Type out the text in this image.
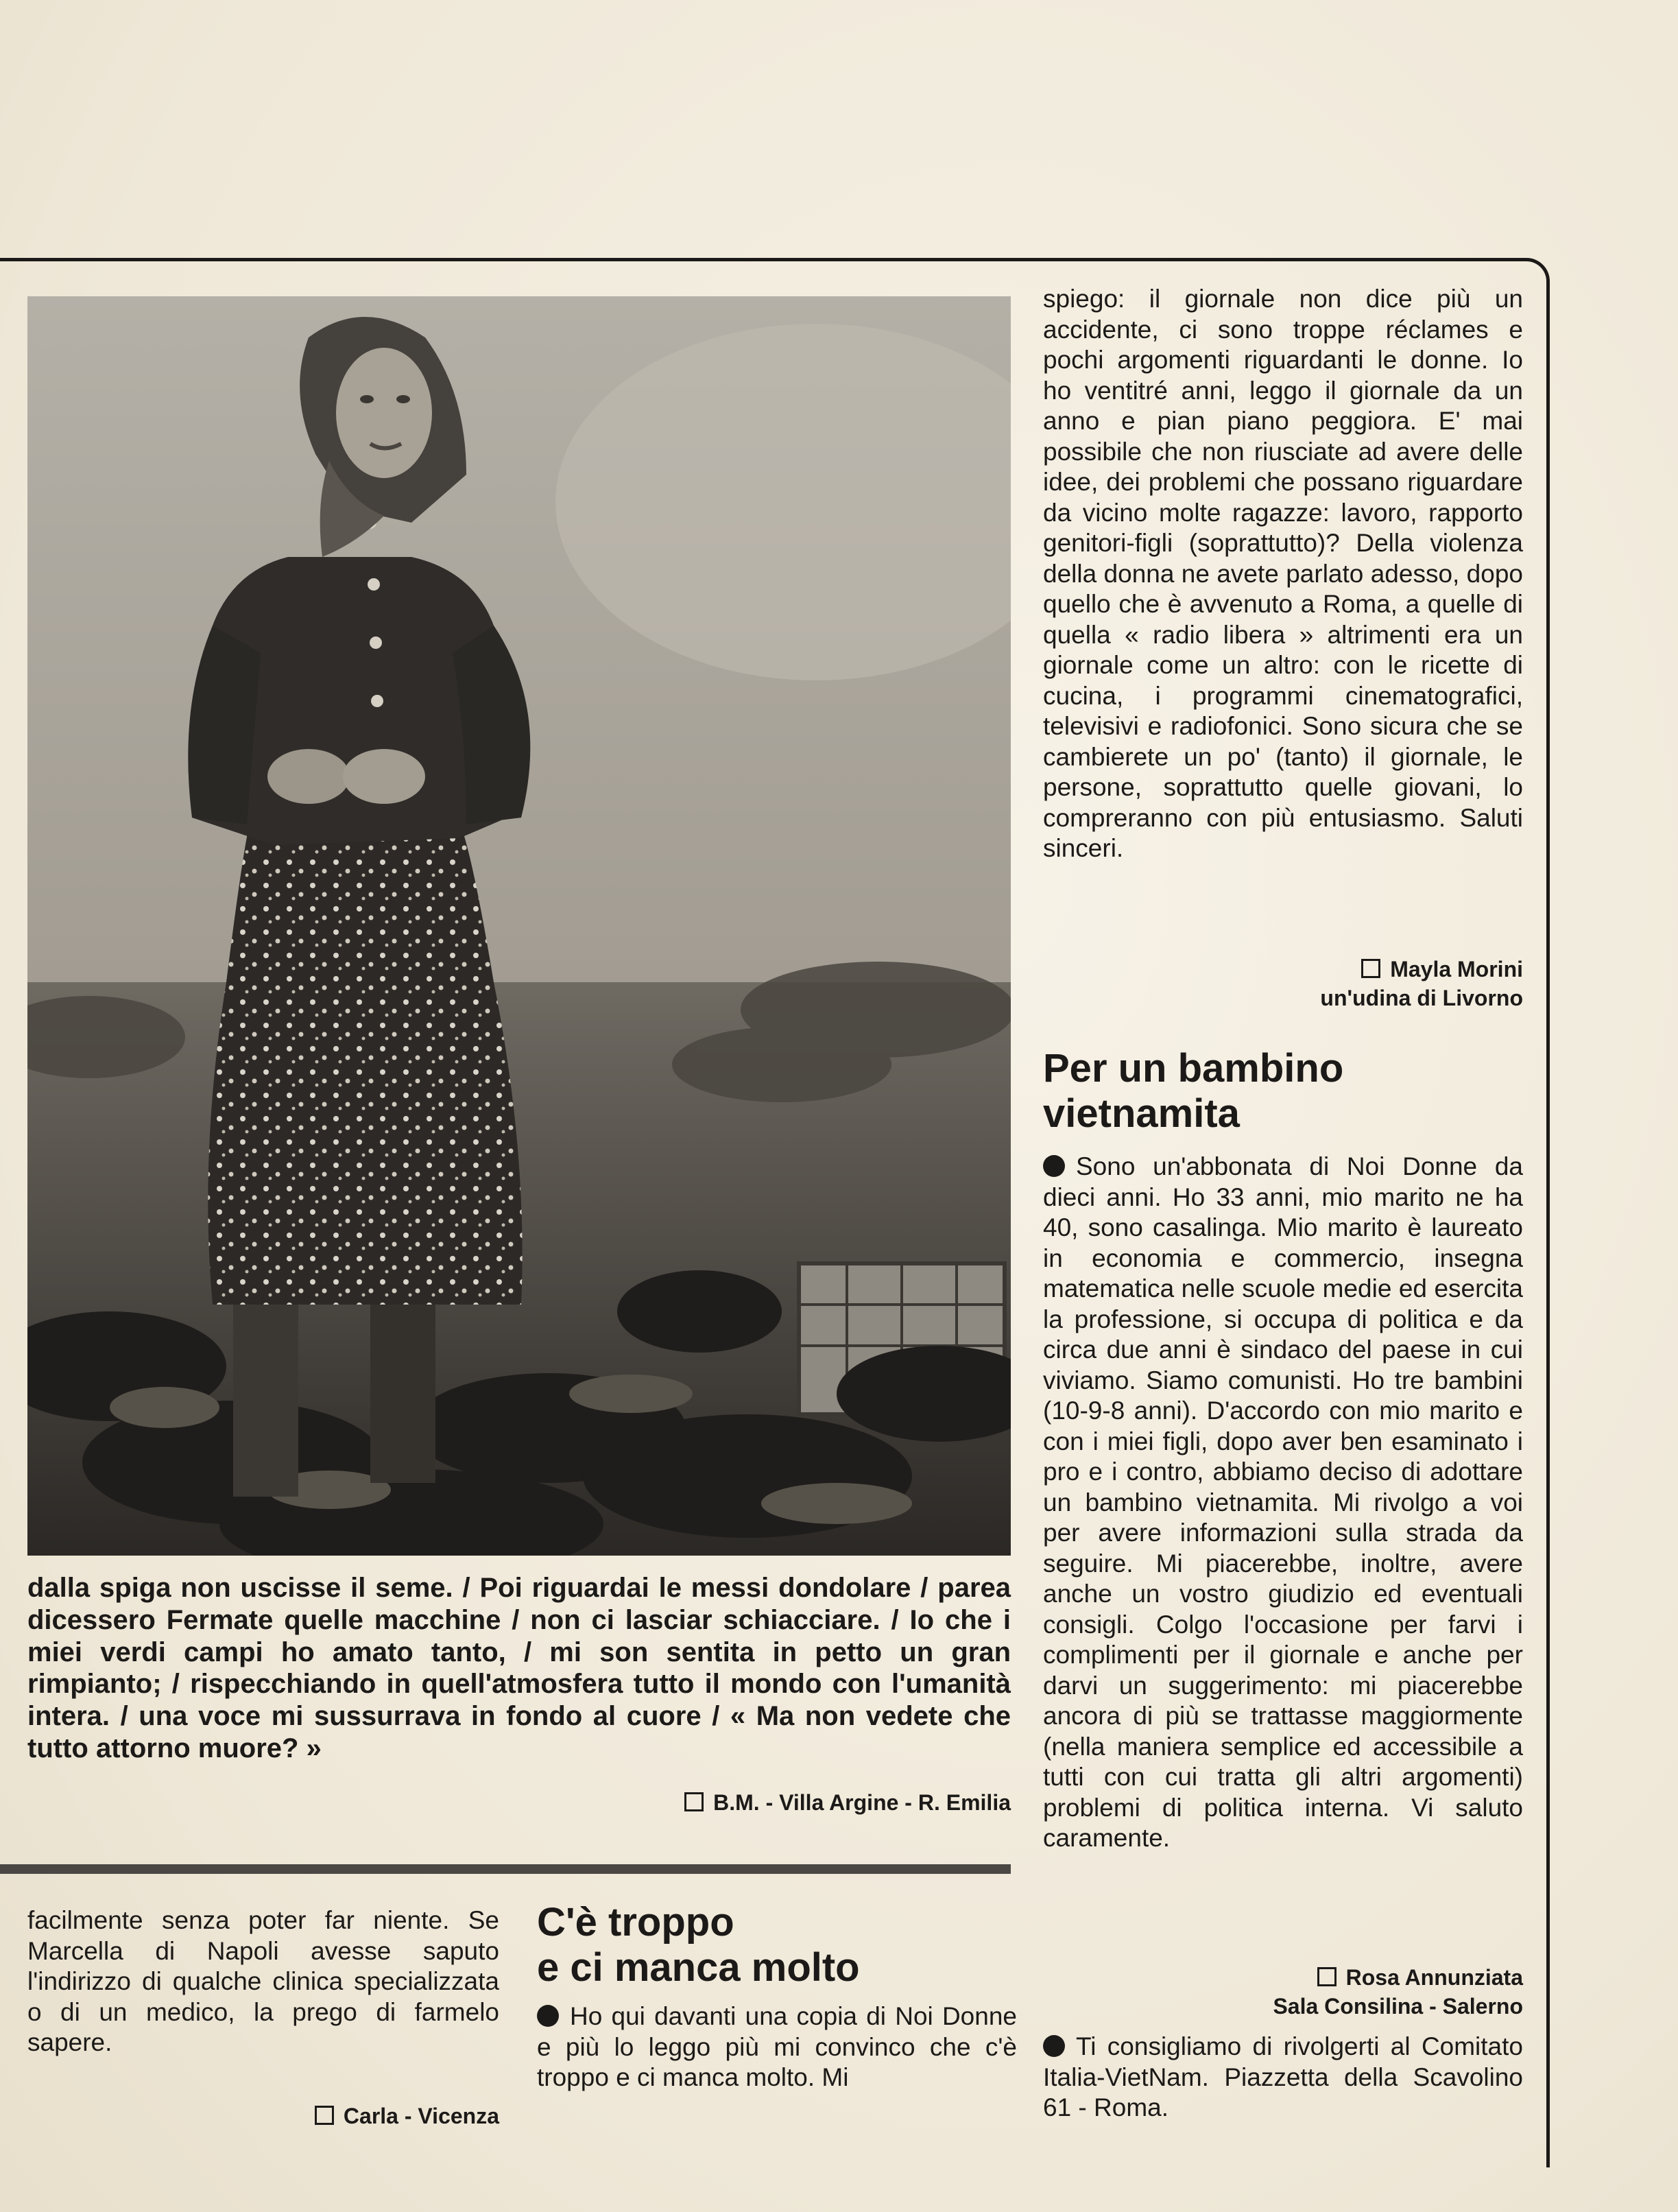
dalla spiga non uscisse il seme. / Poi riguardai le messi dondolare / parea dicessero Fermate quelle macchine / non ci lasciar schiacciare. / Io che i miei verdi campi ho amato tanto, / mi son sentita in petto un gran rimpianto; / rispecchiando in quell'atmosfera tutto il mondo con l'umanità intera. / una voce mi sussurrava in fondo al cuore / « Ma non vedete che tutto attorno muore? »
B.M. - Villa Argine - R. Emilia

spiego: il giornale non dice più un accidente, ci sono troppe réclames e pochi argomenti riguardanti le donne. Io ho ventitré anni, leggo il giornale da un anno e pian piano peggiora. E' mai possibile che non riusciate ad avere delle idee, dei problemi che possano riguardare da vicino molte ragazze: lavoro, rapporto genitori-figli (soprattutto)? Della violenza della donna ne avete parlato adesso, dopo quello che è avvenuto a Roma, a quelle di quella « radio libera » altrimenti era un giornale come un altro: con le ricette di cucina, i programmi cinematografici, televisivi e radiofonici. Sono sicura che se cambierete un po' (tanto) il giornale, le persone, soprattutto quelle giovani, lo compreranno con più entusiasmo. Saluti sinceri.

Mayla Morini
un'udina di Livorno
Per un bambino
vietnamita

Sono un'abbonata di Noi Donne da dieci anni. Ho 33 anni, mio marito ne ha 40, sono casalinga. Mio marito è laureato in economia e commercio, insegna matematica nelle scuole medie ed esercita la professione, si occupa di politica e da circa due anni è sindaco del paese in cui viviamo. Siamo comunisti. Ho tre bambini (10-9-8 anni). D'accordo con mio marito e con i miei figli, dopo aver ben esaminato i pro e i contro, abbiamo deciso di adottare un bambino vietnamita. Mi rivolgo a voi per avere informazioni sulla strada da seguire. Mi piacerebbe, inoltre, avere anche un vostro giudizio ed eventuali consigli. Colgo l'occasione per farvi i complimenti per il giornale e anche per darvi un suggerimento: mi piacerebbe ancora di più se trattasse maggiormente (nella maniera semplice ed accessibile a tutti con cui tratta gli altri argomenti) problemi di politica interna. Vi saluto caramente.

Rosa Annunziata
Sala Consilina - Salerno

Ti consigliamo di rivolgerti al Comitato Italia-VietNam. Piazzetta della Scavolino 61 - Roma.

facilmente senza poter far niente. Se Marcella di Napoli avesse saputo l'indirizzo di qualche clinica specializzata o di un medico, la prego di farmelo sapere.

Carla - Vicenza
C'è troppo
e ci manca molto

Ho qui davanti una copia di Noi Donne e più lo leggo più mi convinco che c'è troppo e ci manca molto. Mi
